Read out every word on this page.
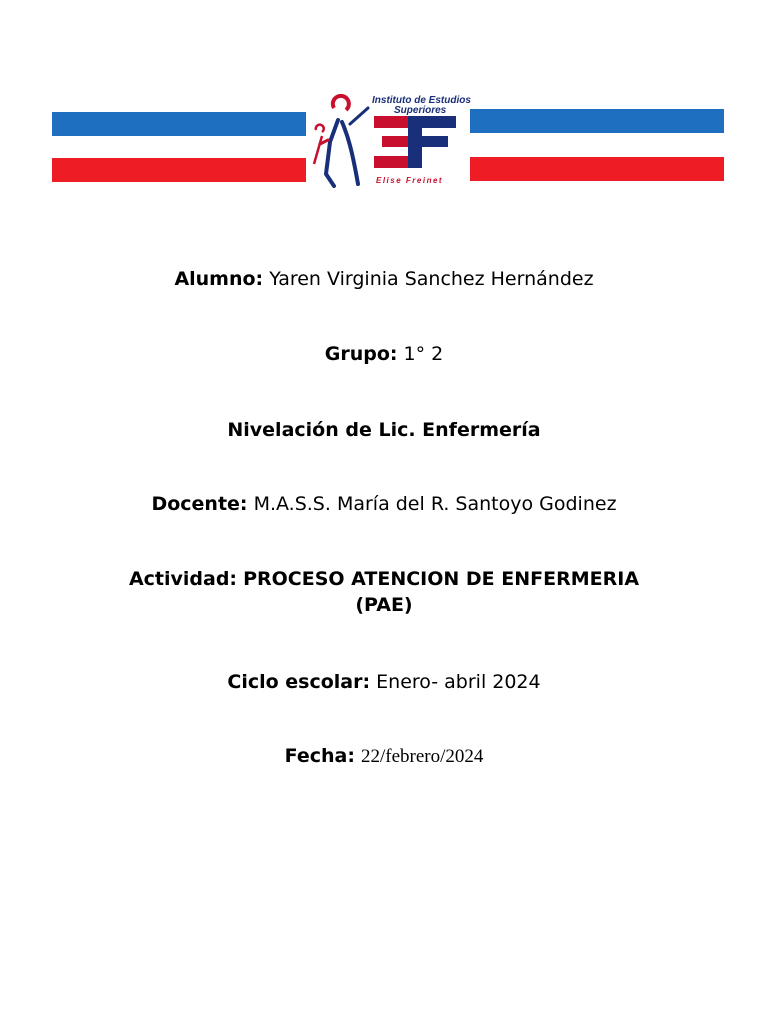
Instituto de Estudios
Superiores
Elise Freinet
Alumno: Yaren Virginia Sanchez Hernández
Grupo: 1° 2
Nivelación de Lic. Enfermería
Docente: M.A.S.S. María del R. Santoyo Godinez
Actividad: PROCESO ATENCION DE ENFERMERIA
(PAE)
Ciclo escolar: Enero- abril 2024
Fecha: 22/febrero/2024
